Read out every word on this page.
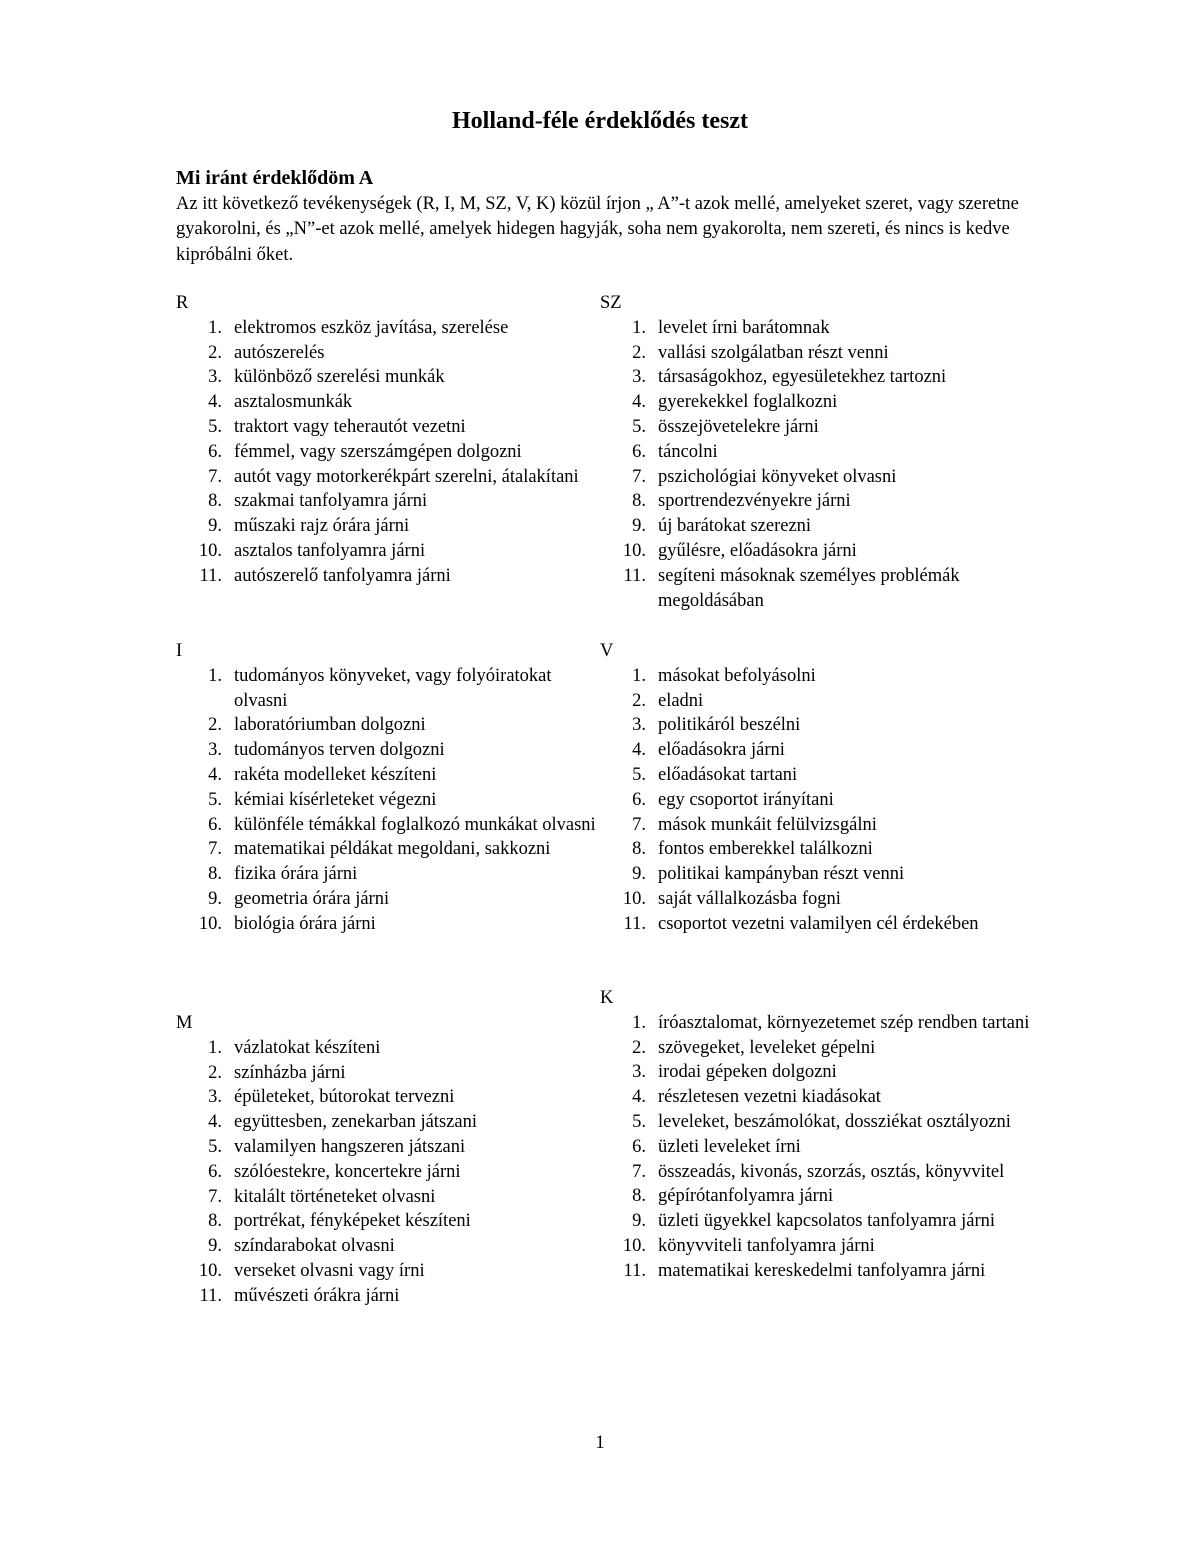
Holland-féle érdeklődés teszt
Mi iránt érdeklődöm A
Az itt következő tevékenységek (R, I, M, SZ, V, K) közül írjon „ A”-t azok mellé, amelyeket szeret, vagy szeretne gyakorolni, és „N”-et azok mellé, amelyek hidegen hagyják, soha nem gyakorolta, nem szereti, és nincs is kedve kipróbálni őket.
R
1. elektromos eszköz javítása, szerelése
2. autószerelés
3. különböző szerelési munkák
4. asztalosmunkák
5. traktort vagy teherautót vezetni
6. fémmel, vagy szerszámgépen dolgozni
7. autót vagy motorkerékpárt szerelni, átalakítani
8. szakmai tanfolyamra járni
9. műszaki rajz órára járni
10. asztalos tanfolyamra járni
11. autószerelő tanfolyamra járni
I
1. tudományos könyveket, vagy folyóiratokat olvasni
2. laboratóriumban dolgozni
3. tudományos terven dolgozni
4. rakéta modelleket készíteni
5. kémiai kísérleteket végezni
6. különféle témákkal foglalkozó munkákat olvasni
7. matematikai példákat megoldani, sakkozni
8. fizika órára járni
9. geometria órára járni
10. biológia órára járni
M
1. vázlatokat készíteni
2. színházba járni
3. épületeket, bútorokat tervezni
4. együttesben, zenekarban játszani
5. valamilyen hangszeren játszani
6. szólóestekre, koncertekre járni
7. kitalált történeteket olvasni
8. portrékat, fényképeket készíteni
9. színdarabokat olvasni
10. verseket olvasni vagy írni
11. művészeti órákra járni
SZ
1. levelet írni barátomnak
2. vallási szolgálatban részt venni
3. társaságokhoz, egyesületekhez tartozni
4. gyerekekkel foglalkozni
5. összejövetelekre járni
6. táncolni
7. pszichológiai könyveket olvasni
8. sportrendezvényekre járni
9. új barátokat szerezni
10. gyűlésre, előadásokra járni
11. segíteni másoknak személyes problémák megoldásában
V
1. másokat befolyásolni
2. eladni
3. politikáról beszélni
4. előadásokra járni
5. előadásokat tartani
6. egy csoportot irányítani
7. mások munkáit felülvizsgálni
8. fontos emberekkel találkozni
9. politikai kampányban részt venni
10. saját vállalkozásba fogni
11. csoportot vezetni valamilyen cél érdekében
K
1. íróasztalomat, környezetemet szép rendben tartani
2. szövegeket, leveleket gépelni
3. irodai gépeken dolgozni
4. részletesen vezetni kiadásokat
5. leveleket, beszámolókat, dossziékat osztályozni
6. üzleti leveleket írni
7. összeadás, kivonás, szorzás, osztás, könyvvitel
8. gépírótanfolyamra járni
9. üzleti ügyekkel kapcsolatos tanfolyamra járni
10. könyvviteli tanfolyamra járni
11. matematikai kereskedelmi tanfolyamra járni
1
